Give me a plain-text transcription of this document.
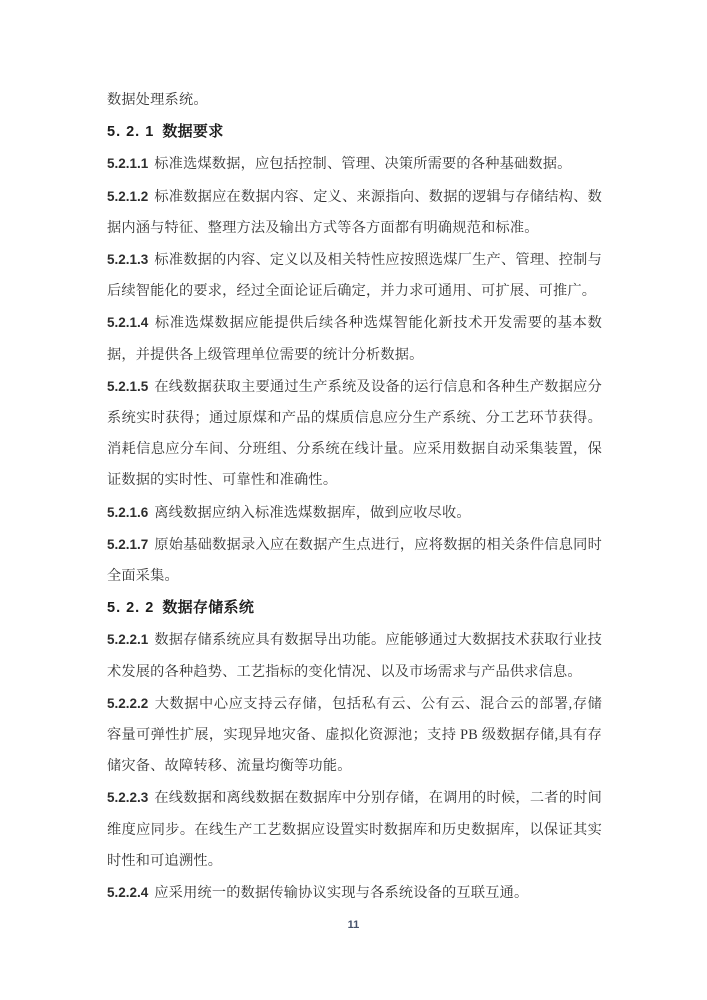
数据处理系统。

5. 2. 1 数据要求

5.2.1.1 标准选煤数据，应包括控制、管理、决策所需要的各种基础数据。

5.2.1.2 标准数据应在数据内容、定义、来源指向、数据的逻辑与存储结构、数据内涵与特征、整理方法及输出方式等各方面都有明确规范和标准。

5.2.1.3 标准数据的内容、定义以及相关特性应按照选煤厂生产、管理、控制与后续智能化的要求，经过全面论证后确定，并力求可通用、可扩展、可推广。

5.2.1.4 标准选煤数据应能提供后续各种选煤智能化新技术开发需要的基本数据，并提供各上级管理单位需要的统计分析数据。

5.2.1.5 在线数据获取主要通过生产系统及设备的运行信息和各种生产数据应分系统实时获得；通过原煤和产品的煤质信息应分生产系统、分工艺环节获得。消耗信息应分车间、分班组、分系统在线计量。应采用数据自动采集装置，保证数据的实时性、可靠性和准确性。

5.2.1.6 离线数据应纳入标准选煤数据库，做到应收尽收。

5.2.1.7 原始基础数据录入应在数据产生点进行，应将数据的相关条件信息同时全面采集。

5. 2. 2 数据存储系统

5.2.2.1 数据存储系统应具有数据导出功能。应能够通过大数据技术获取行业技术发展的各种趋势、工艺指标的变化情况、以及市场需求与产品供求信息。

5.2.2.2 大数据中心应支持云存储，包括私有云、公有云、混合云的部署,存储容量可弹性扩展，实现异地灾备、虚拟化资源池；支持 PB 级数据存储,具有存储灾备、故障转移、流量均衡等功能。

5.2.2.3 在线数据和离线数据在数据库中分别存储，在调用的时候，二者的时间维度应同步。在线生产工艺数据应设置实时数据库和历史数据库，以保证其实时性和可追溯性。

5.2.2.4 应采用统一的数据传输协议实现与各系统设备的互联互通。

11
